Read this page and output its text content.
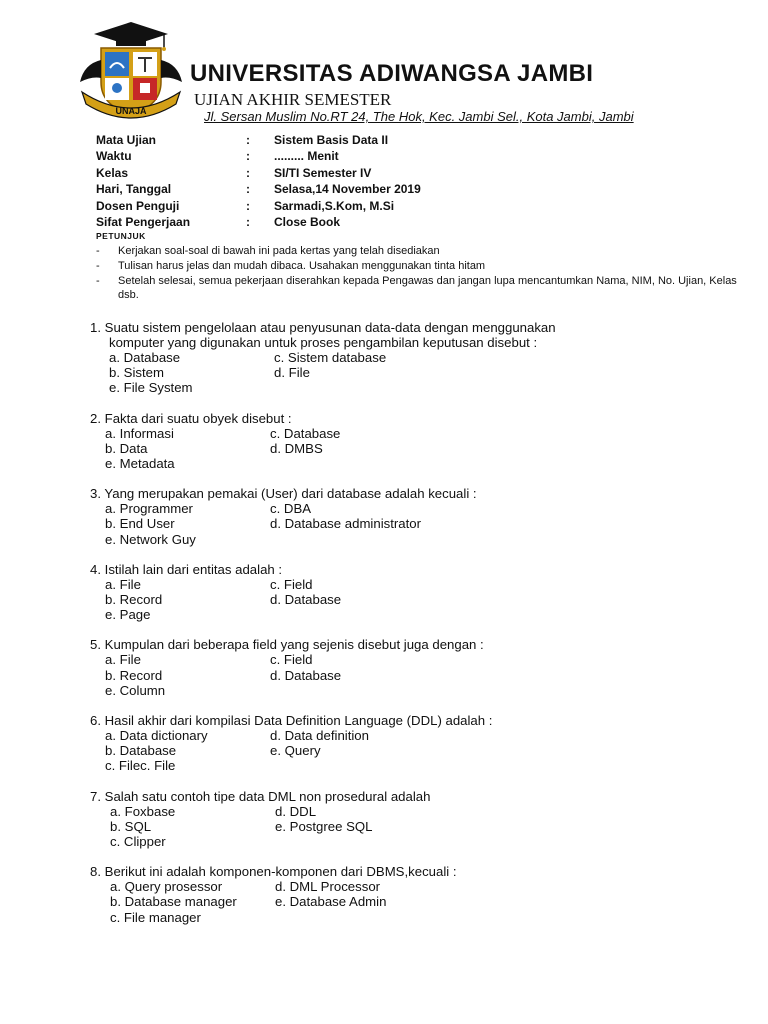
UNAJA
UNIVERSITAS ADIWANGSA JAMBI
UJIAN AKHIR SEMESTER
Jl. Sersan Muslim No.RT 24, The Hok, Kec. Jambi Sel., Kota Jambi, Jambi
Mata Ujian	:	Sistem Basis Data II
Waktu	:	......... Menit
Kelas	:	SI/TI Semester IV
Hari, Tanggal	:	Selasa,14 November 2019
Dosen Penguji	:	Sarmadi,S.Kom, M.Si
Sifat Pengerjaan	:	Close Book
PETUNJUK
-	Kerjakan soal-soal di bawah ini pada kertas yang telah disediakan
-	Tulisan harus jelas dan mudah dibaca. Usahakan menggunakan tinta hitam
-	Setelah selesai, semua pekerjaan diserahkan kepada Pengawas dan jangan lupa mencantumkan Nama, NIM, No. Ujian, Kelas dsb.
1. Suatu sistem pengelolaan atau penyusunan data-data dengan menggunakan
komputer yang digunakan untuk proses pengambilan keputusan disebut :
a. Database	c. Sistem database
b. Sistem	d. File
e. File System
2. Fakta dari suatu obyek disebut :
a. Informasi	c. Database
b. Data	d. DMBS
e. Metadata
3. Yang merupakan pemakai (User) dari database adalah kecuali :
a. Programmer	c. DBA
b. End User	d. Database administrator
e. Network Guy
4. Istilah lain dari entitas adalah :
a. File	c. Field
b. Record	d. Database
e. Page
5. Kumpulan dari beberapa field yang sejenis disebut juga dengan :
a. File	c. Field
b. Record	d. Database
e. Column
6. Hasil akhir dari kompilasi Data Definition Language (DDL) adalah :
a. Data dictionary	d. Data definition
b. Database	e. Query
c. Filec. File
7. Salah satu contoh tipe data DML non prosedural adalah
a. Foxbase	d. DDL
b. SQL	e. Postgree SQL
c. Clipper
8. Berikut ini adalah komponen-komponen dari DBMS,kecuali :
a. Query prosessor	d. DML Processor
b. Database manager	e. Database Admin
c. File manager
